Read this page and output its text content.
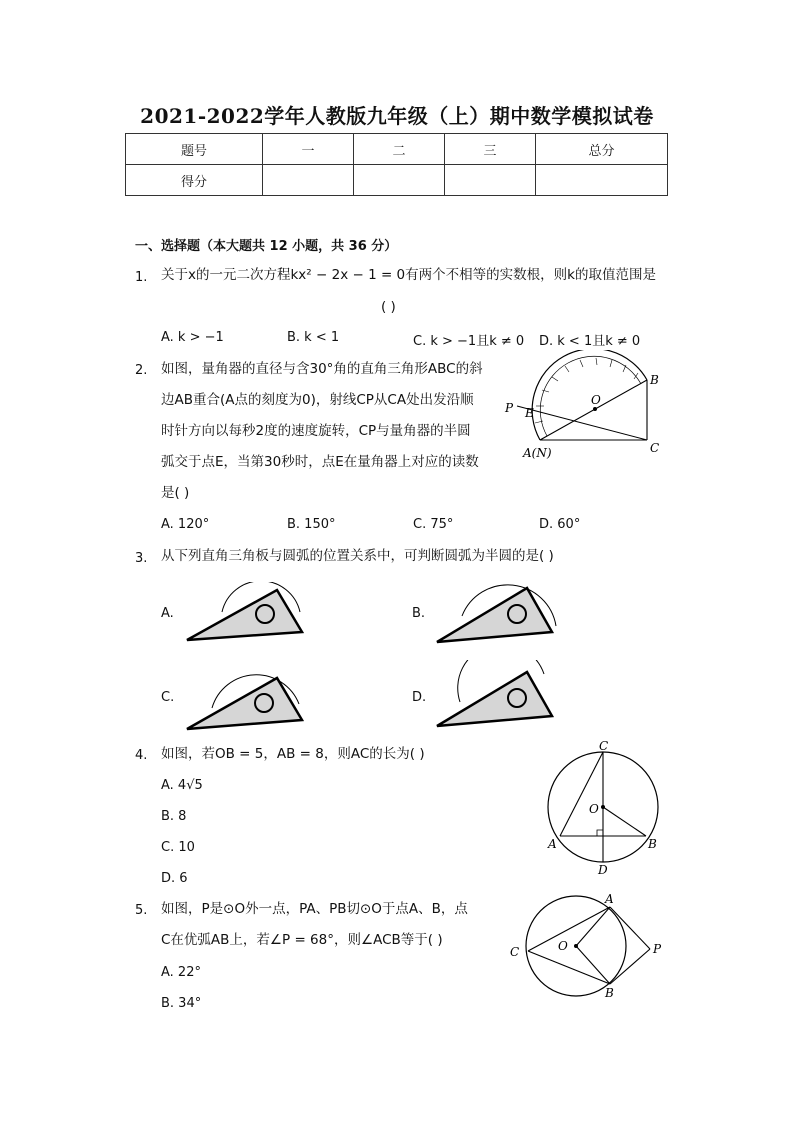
2021-2022学年人教版九年级（上）期中数学模拟试卷
题号	一	二	三	总分
得分				
一、选择题（本大题共 12 小题，共 36 分）
1. 关于x的一元二次方程kx² − 2x − 1 = 0有两个不相等的实数根，则k的取值范围是
( )
A. k > −1	B. k < 1	C. k > −1且k ≠ 0 D. k < 1且k ≠ 0
2. 如图，量角器的直径与含30°角的直角三角形ABC的斜
边AB重合(A点的刻度为0)，射线CP从CA处出发沿顺
时针方向以每秒2度的速度旋转，CP与量角器的半圆
弧交于点E，当第30秒时，点E在量角器上对应的读数
是( )
A. 120°	B. 150°	C. 75°	D. 60°
P E
O
B
A(N)	C
3. 从下列直角三角板与圆弧的位置关系中，可判断圆弧为半圆的是( )
A.	B.
C.	D.
4. 如图，若OB = 5，AB = 8，则AC的长为( )
A. 4√5
B. 8
C. 10
D. 6
C
O
A	B
D
5. 如图，P是⊙O外一点，PA、PB切⊙O于点A、B，点
C在优弧AB上，若∠P = 68°，则∠ACB等于( )
A. 22°
B. 34°
A
B
C	O	P
